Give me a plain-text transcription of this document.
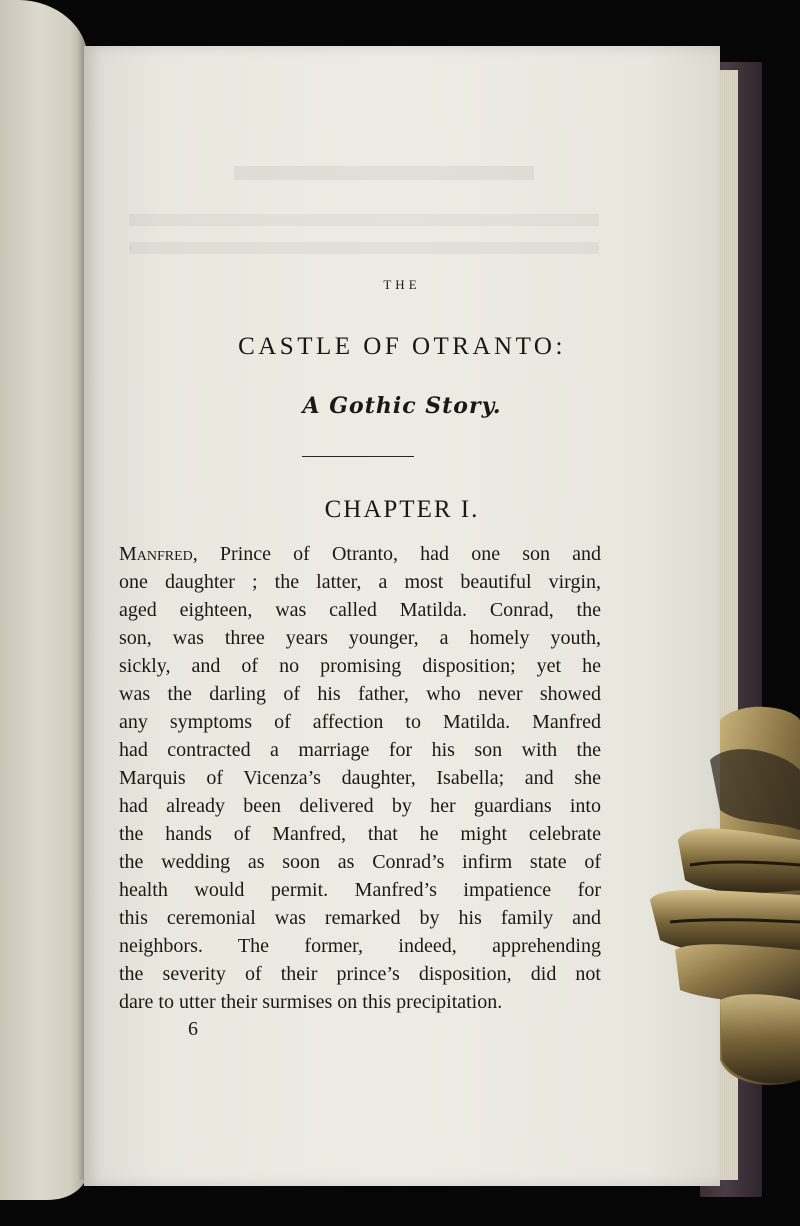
THE
CASTLE OF OTRANTO:
A Gothic Story.
CHAPTER I.
Manfred, Prince of Otranto, had one son and
one daughter ; the latter, a most beautiful virgin,
aged eighteen, was called Matilda. Conrad, the
son, was three years younger, a homely youth,
sickly, and of no promising disposition; yet he
was the darling of his father, who never showed
any symptoms of affection to Matilda. Manfred
had contracted a marriage for his son with the
Marquis of Vicenza’s daughter, Isabella; and she
had already been delivered by her guardians into
the hands of Manfred, that he might celebrate
the wedding as soon as Conrad’s infirm state of
health would permit. Manfred’s impatience for
this ceremonial was remarked by his family and
neighbors. The former, indeed, apprehending
the severity of their prince’s disposition, did not
dare to utter their surmises on this precipitation.
6
